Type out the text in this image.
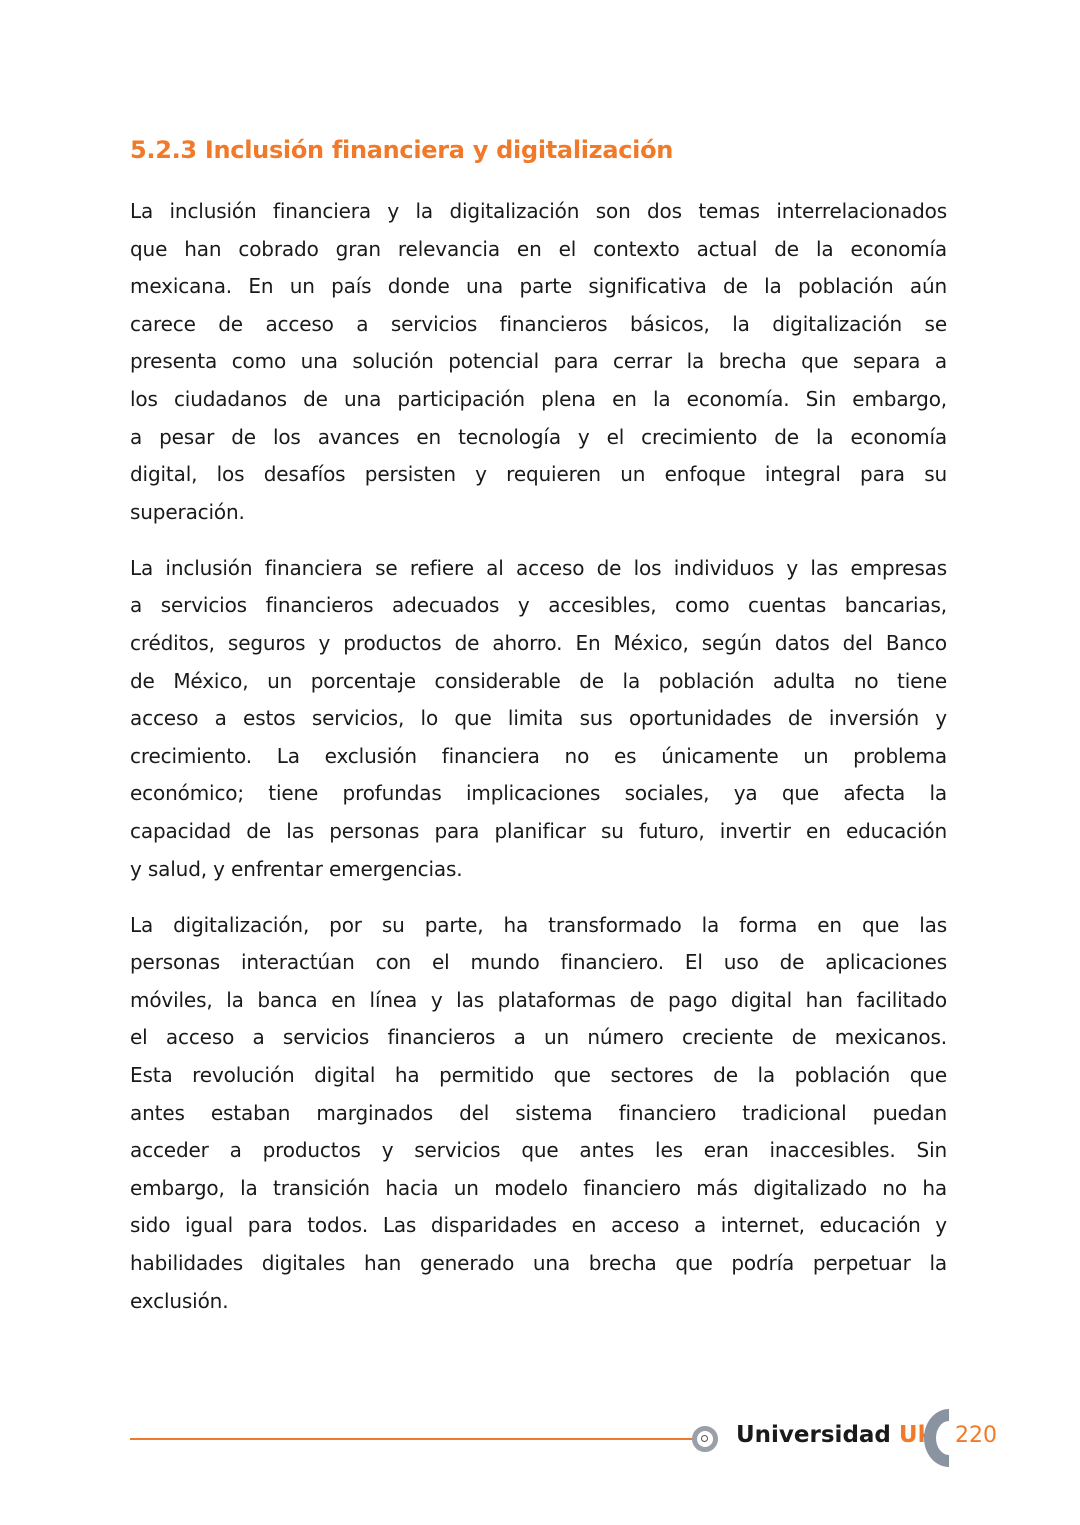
5.2.3 Inclusión financiera y digitalización

La inclusión financiera y la digitalización son dos temas interrelacionados
que han cobrado gran relevancia en el contexto actual de la economía
mexicana. En un país donde una parte significativa de la población aún
carece de acceso a servicios financieros básicos, la digitalización se
presenta como una solución potencial para cerrar la brecha que separa a
los ciudadanos de una participación plena en la economía. Sin embargo,
a pesar de los avances en tecnología y el crecimiento de la economía
digital, los desafíos persisten y requieren un enfoque integral para su
superación.

La inclusión financiera se refiere al acceso de los individuos y las empresas
a servicios financieros adecuados y accesibles, como cuentas bancarias,
créditos, seguros y productos de ahorro. En México, según datos del Banco
de México, un porcentaje considerable de la población adulta no tiene
acceso a estos servicios, lo que limita sus oportunidades de inversión y
crecimiento. La exclusión financiera no es únicamente un problema
económico; tiene profundas implicaciones sociales, ya que afecta la
capacidad de las personas para planificar su futuro, invertir en educación
y salud, y enfrentar emergencias.

La digitalización, por su parte, ha transformado la forma en que las
personas interactúan con el mundo financiero. El uso de aplicaciones
móviles, la banca en línea y las plataformas de pago digital han facilitado
el acceso a servicios financieros a un número creciente de mexicanos.
Esta revolución digital ha permitido que sectores de la población que
antes estaban marginados del sistema financiero tradicional puedan
acceder a productos y servicios que antes les eran inaccesibles. Sin
embargo, la transición hacia un modelo financiero más digitalizado no ha
sido igual para todos. Las disparidades en acceso a internet, educación y
habilidades digitales han generado una brecha que podría perpetuar la
exclusión.

Universidad Uk 220
